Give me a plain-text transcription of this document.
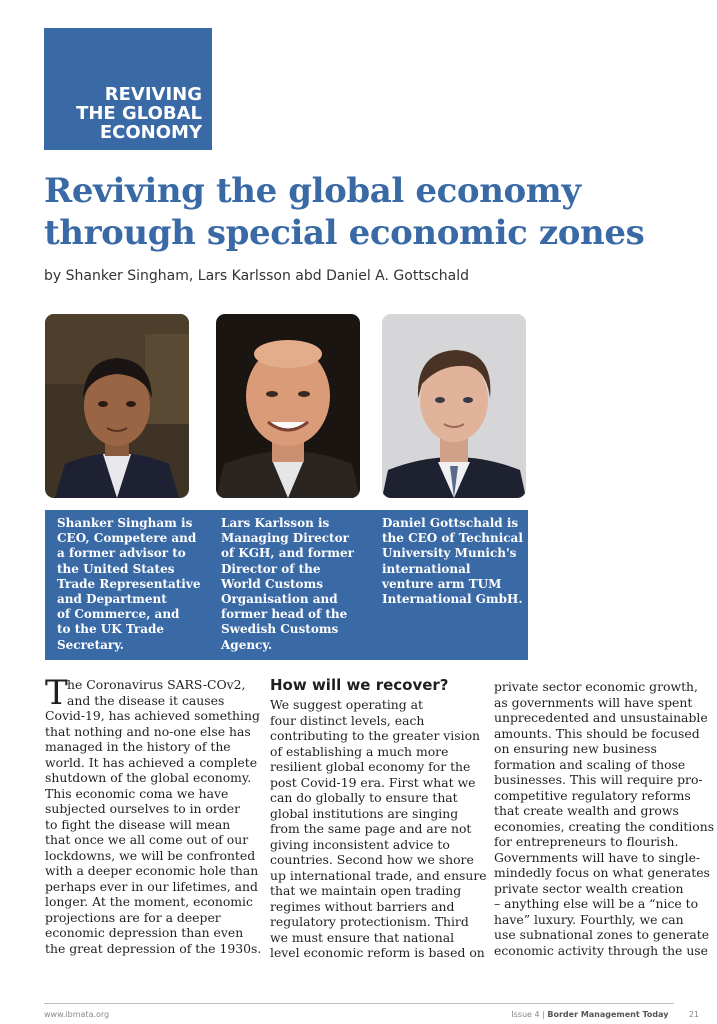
REVIVING
THE GLOBAL
ECONOMY
Reviving the global economy
through special economic zones
by Shanker Singham, Lars Karlsson abd Daniel A. Gottschald
Shanker Singham is
CEO, Competere and
a former advisor to
the United States
Trade Representative
and Department
of Commerce, and
to the UK Trade
Secretary.
Lars Karlsson is
Managing Director
of KGH, and former
Director of the
World Customs
Organisation and
former head of the
Swedish Customs
Agency.
Daniel Gottschald is
the CEO of Technical
University Munich's
international
venture arm TUM
International GmbH.
T he Coronavirus SARS-COv2,
and the disease it causes
Covid-19, has achieved something
that nothing and no-one else has
managed in the history of the
world. It has achieved a complete
shutdown of the global economy.
This economic coma we have
subjected ourselves to in order
to fight the disease will mean
that once we all come out of our
lockdowns, we will be confronted
with a deeper economic hole than
perhaps ever in our lifetimes, and
longer. At the moment, economic
projections are for a deeper
economic depression than even
the great depression of the 1930s.
How will we recover?
We suggest operating at
four distinct levels, each
contributing to the greater vision
of establishing a much more
resilient global economy for the
post Covid-19 era. First what we
can do globally to ensure that
global institutions are singing
from the same page and are not
giving inconsistent advice to
countries. Second how we shore
up international trade, and ensure
that we maintain open trading
regimes without barriers and
regulatory protectionism. Third
we must ensure that national
level economic reform is based on
private sector economic growth,
as governments will have spent
unprecedented and unsustainable
amounts. This should be focused
on ensuring new business
formation and scaling of those
businesses. This will require pro-
competitive regulatory reforms
that create wealth and grows
economies, creating the conditions
for entrepreneurs to flourish.
Governments will have to single-
mindedly focus on what generates
private sector wealth creation
– anything else will be a “nice to
have” luxury. Fourthly, we can
use subnational zones to generate
economic activity through the use
www.ibmata.org	Issue 4 | Border Management Today	21
